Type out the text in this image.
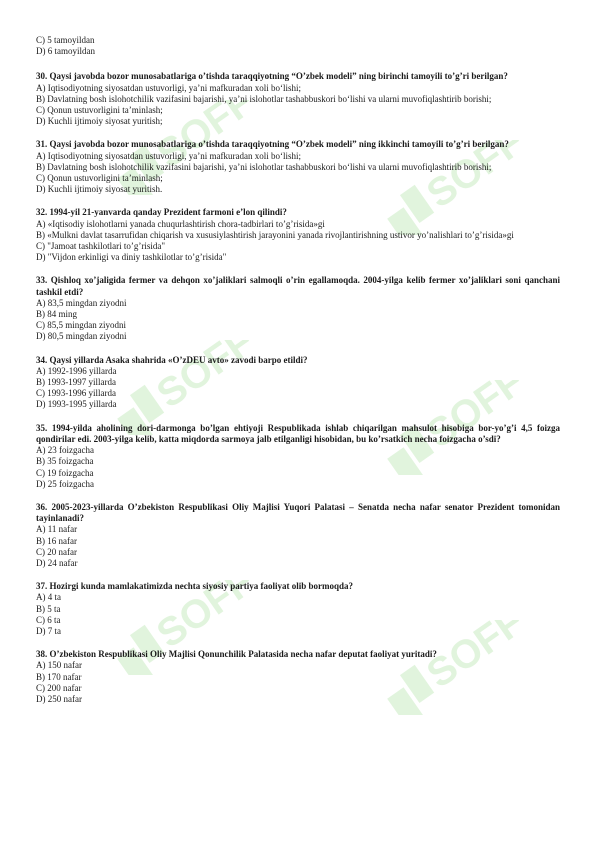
SOFF	SOFF
SOFF	SOFF
SOFF	SOFF
C) 5 tamoyildan
D) 6 tamoyildan
30. Qaysi javobda bozor munosabatlariga o’tishda taraqqiyotning “O’zbek modeli” ning birinchi tamoyili to’g’ri berilgan?
A) Iqtisodiyotning siyosatdan ustuvorligi, ya’ni mafkuradan xoli bo‘lishi;
B) Davlatning bosh islohotchilik vazifasini bajarishi, ya’ni islohotlar tashabbuskori bo‘lishi va ularni muvofiqlashtirib borishi;
C) Qonun ustuvorligini ta’minlash;
D) Kuchli ijtimoiy siyosat yuritish;
31. Qaysi javobda bozor munosabatlariga o’tishda taraqqiyotning “O’zbek modeli” ning ikkinchi tamoyili to’g’ri berilgan?
A) Iqtisodiyotning siyosatdan ustuvorligi, ya’ni mafkuradan xoli bo‘lishi;
B) Davlatning bosh islohotchilik vazifasini bajarishi, ya’ni islohotlar tashabbuskori bo‘lishi va ularni muvofiqlashtirib borishi;
C) Qonun ustuvorligini ta’minlash;
D) Kuchli ijtimoiy siyosat yuritish.
32. 1994-yil 21-yanvarda qanday Prezident farmoni e’lon qilindi?
A) «Iqtisodiy islohotlarni yanada chuqurlashtirish chora-tadbirlari to’g’risida»gi
B) «Mulkni davlat tasarrufidan chiqarish va xususiylashtirish jarayonini yanada rivojlantirishning ustivor yo’nalishlari to’g’risida»gi
C) "Jamoat tashkilotlari to’g’risida"
D) "Vijdon erkinligi va diniy tashkilotlar to’g’risida"
33. Qishloq xo’jaligida fermer va dehqon xo’jaliklari salmoqli o’rin egallamoqda. 2004-yilga kelib fermer xo’jaliklari soni qanchani tashkil etdi?
A) 83,5 mingdan ziyodni
B) 84 ming
C) 85,5 mingdan ziyodni
D) 80,5 mingdan ziyodni
34. Qaysi yillarda Asaka shahrida «O’zDEU avto» zavodi barpo etildi?
A) 1992-1996 yillarda
B) 1993-1997 yillarda
C) 1993-1996 yillarda
D) 1993-1995 yillarda
35. 1994-yilda aholining dori-darmonga bo’lgan ehtiyoji Respublikada ishlab chiqarilgan mahsulot hisobiga bor-yo’g’i 4,5 foizga qondirilar edi. 2003-yilga kelib, katta miqdorda sarmoya jalb etilganligi hisobidan, bu ko’rsatkich necha foizgacha o’sdi?
A) 23 foizgacha
B) 35 foizgacha
C) 19 foizgacha
D) 25 foizgacha
36. 2005-2023-yillarda O’zbekiston Respublikasi Oliy Majlisi Yuqori Palatasi – Senatda necha nafar senator Prezident tomonidan tayinlanadi?
A) 11 nafar
B) 16 nafar
C) 20 nafar
D) 24 nafar
37. Hozirgi kunda mamlakatimizda nechta siyosiy partiya faoliyat olib bormoqda?
A) 4 ta
B) 5 ta
C) 6 ta
D) 7 ta
38. O’zbekiston Respublikasi Oliy Majlisi Qonunchilik Palatasida necha nafar deputat faoliyat yuritadi?
A) 150 nafar
B) 170 nafar
C) 200 nafar
D) 250 nafar
